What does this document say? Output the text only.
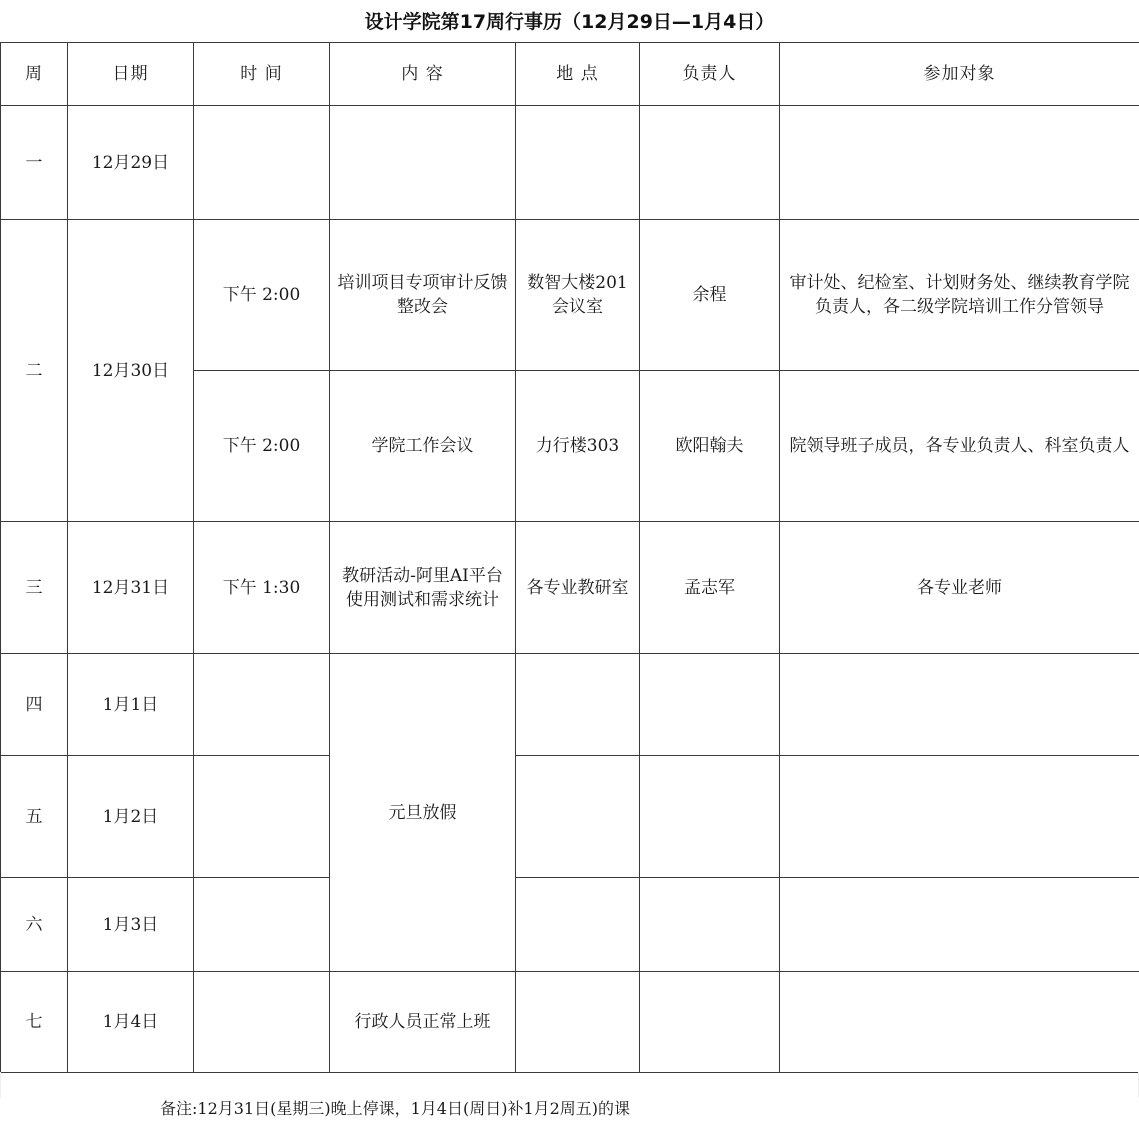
设计学院第17周行事历（12月29日—1月4日）
周	日期	时 间	内 容	地 点	负责人	参加对象
一	12月29日					
二	12月30日	下午 2:00	培训项目专项审计反馈整改会	数智大楼201会议室	余程	审计处、纪检室、计划财务处、继续教育学院负责人，各二级学院培训工作分管领导
		下午 2:00	学院工作会议	力行楼303	欧阳翰夫	院领导班子成员，各专业负责人、科室负责人
三	12月31日	下午 1:30	教研活动-阿里AI平台使用测试和需求统计	各专业教研室	孟志军	各专业老师
四	1月1日		元旦放假			
五	1月2日					
六	1月3日					
七	1月4日		行政人员正常上班			
备注:12月31日(星期三)晚上停课，1月4日(周日)补1月2周五)的课
